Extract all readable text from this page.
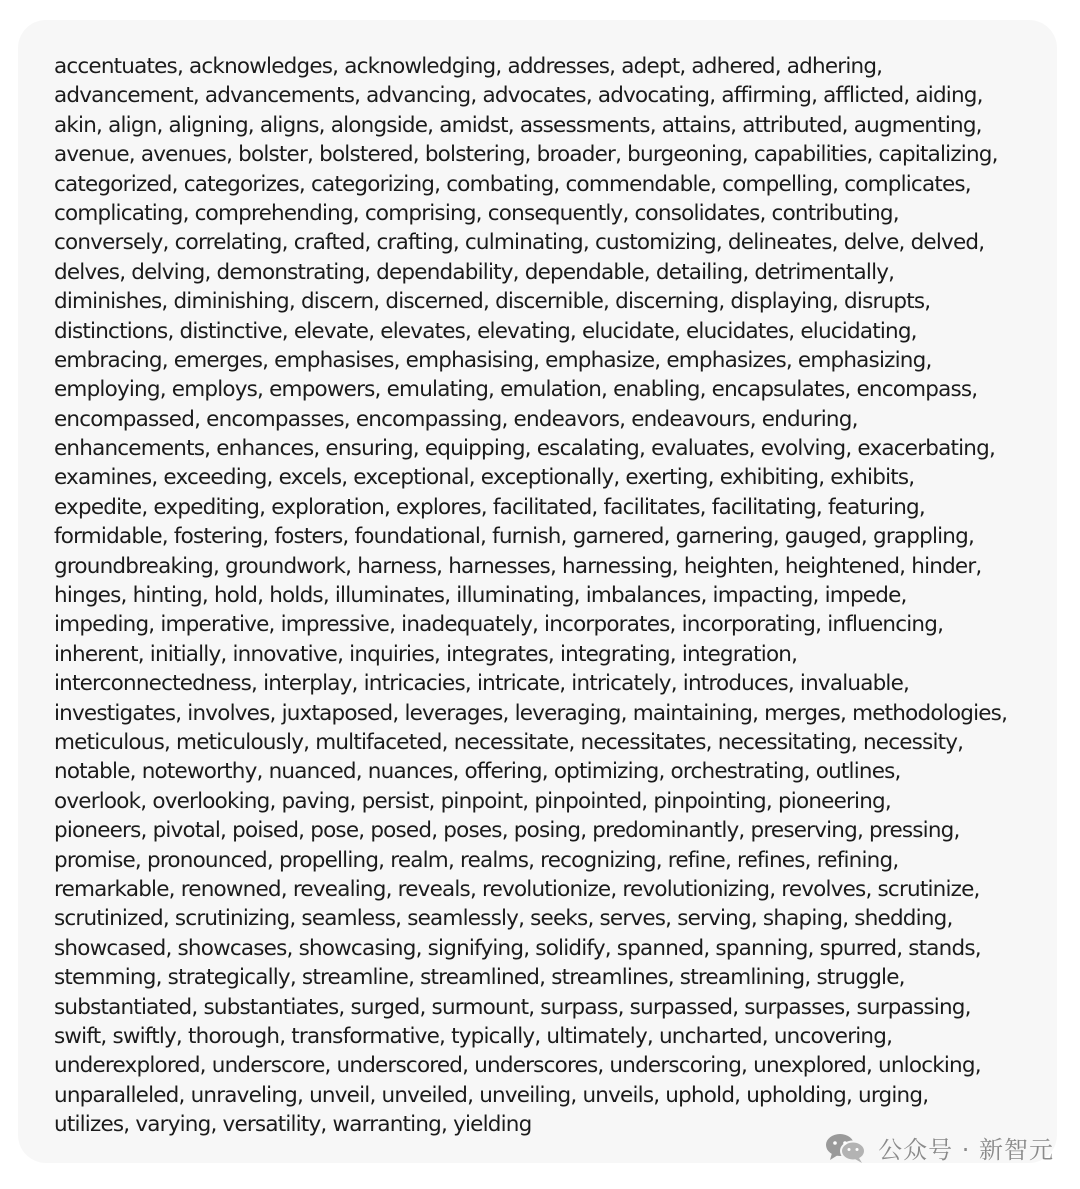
accentuates, acknowledges, acknowledging, addresses, adept, adhered, adhering,
advancement, advancements, advancing, advocates, advocating, affirming, afflicted, aiding,
akin, align, aligning, aligns, alongside, amidst, assessments, attains, attributed, augmenting,
avenue, avenues, bolster, bolstered, bolstering, broader, burgeoning, capabilities, capitalizing,
categorized, categorizes, categorizing, combating, commendable, compelling, complicates,
complicating, comprehending, comprising, consequently, consolidates, contributing,
conversely, correlating, crafted, crafting, culminating, customizing, delineates, delve, delved,
delves, delving, demonstrating, dependability, dependable, detailing, detrimentally,
diminishes, diminishing, discern, discerned, discernible, discerning, displaying, disrupts,
distinctions, distinctive, elevate, elevates, elevating, elucidate, elucidates, elucidating,
embracing, emerges, emphasises, emphasising, emphasize, emphasizes, emphasizing,
employing, employs, empowers, emulating, emulation, enabling, encapsulates, encompass,
encompassed, encompasses, encompassing, endeavors, endeavours, enduring,
enhancements, enhances, ensuring, equipping, escalating, evaluates, evolving, exacerbating,
examines, exceeding, excels, exceptional, exceptionally, exerting, exhibiting, exhibits,
expedite, expediting, exploration, explores, facilitated, facilitates, facilitating, featuring,
formidable, fostering, fosters, foundational, furnish, garnered, garnering, gauged, grappling,
groundbreaking, groundwork, harness, harnesses, harnessing, heighten, heightened, hinder,
hinges, hinting, hold, holds, illuminates, illuminating, imbalances, impacting, impede,
impeding, imperative, impressive, inadequately, incorporates, incorporating, influencing,
inherent, initially, innovative, inquiries, integrates, integrating, integration,
interconnectedness, interplay, intricacies, intricate, intricately, introduces, invaluable,
investigates, involves, juxtaposed, leverages, leveraging, maintaining, merges, methodologies,
meticulous, meticulously, multifaceted, necessitate, necessitates, necessitating, necessity,
notable, noteworthy, nuanced, nuances, offering, optimizing, orchestrating, outlines,
overlook, overlooking, paving, persist, pinpoint, pinpointed, pinpointing, pioneering,
pioneers, pivotal, poised, pose, posed, poses, posing, predominantly, preserving, pressing,
promise, pronounced, propelling, realm, realms, recognizing, refine, refines, refining,
remarkable, renowned, revealing, reveals, revolutionize, revolutionizing, revolves, scrutinize,
scrutinized, scrutinizing, seamless, seamlessly, seeks, serves, serving, shaping, shedding,
showcased, showcases, showcasing, signifying, solidify, spanned, spanning, spurred, stands,
stemming, strategically, streamline, streamlined, streamlines, streamlining, struggle,
substantiated, substantiates, surged, surmount, surpass, surpassed, surpasses, surpassing,
swift, swiftly, thorough, transformative, typically, ultimately, uncharted, uncovering,
underexplored, underscore, underscored, underscores, underscoring, unexplored, unlocking,
unparalleled, unraveling, unveil, unveiled, unveiling, unveils, uphold, upholding, urging,
utilizes, varying, versatility, warranting, yielding
公众号 · 新智元
